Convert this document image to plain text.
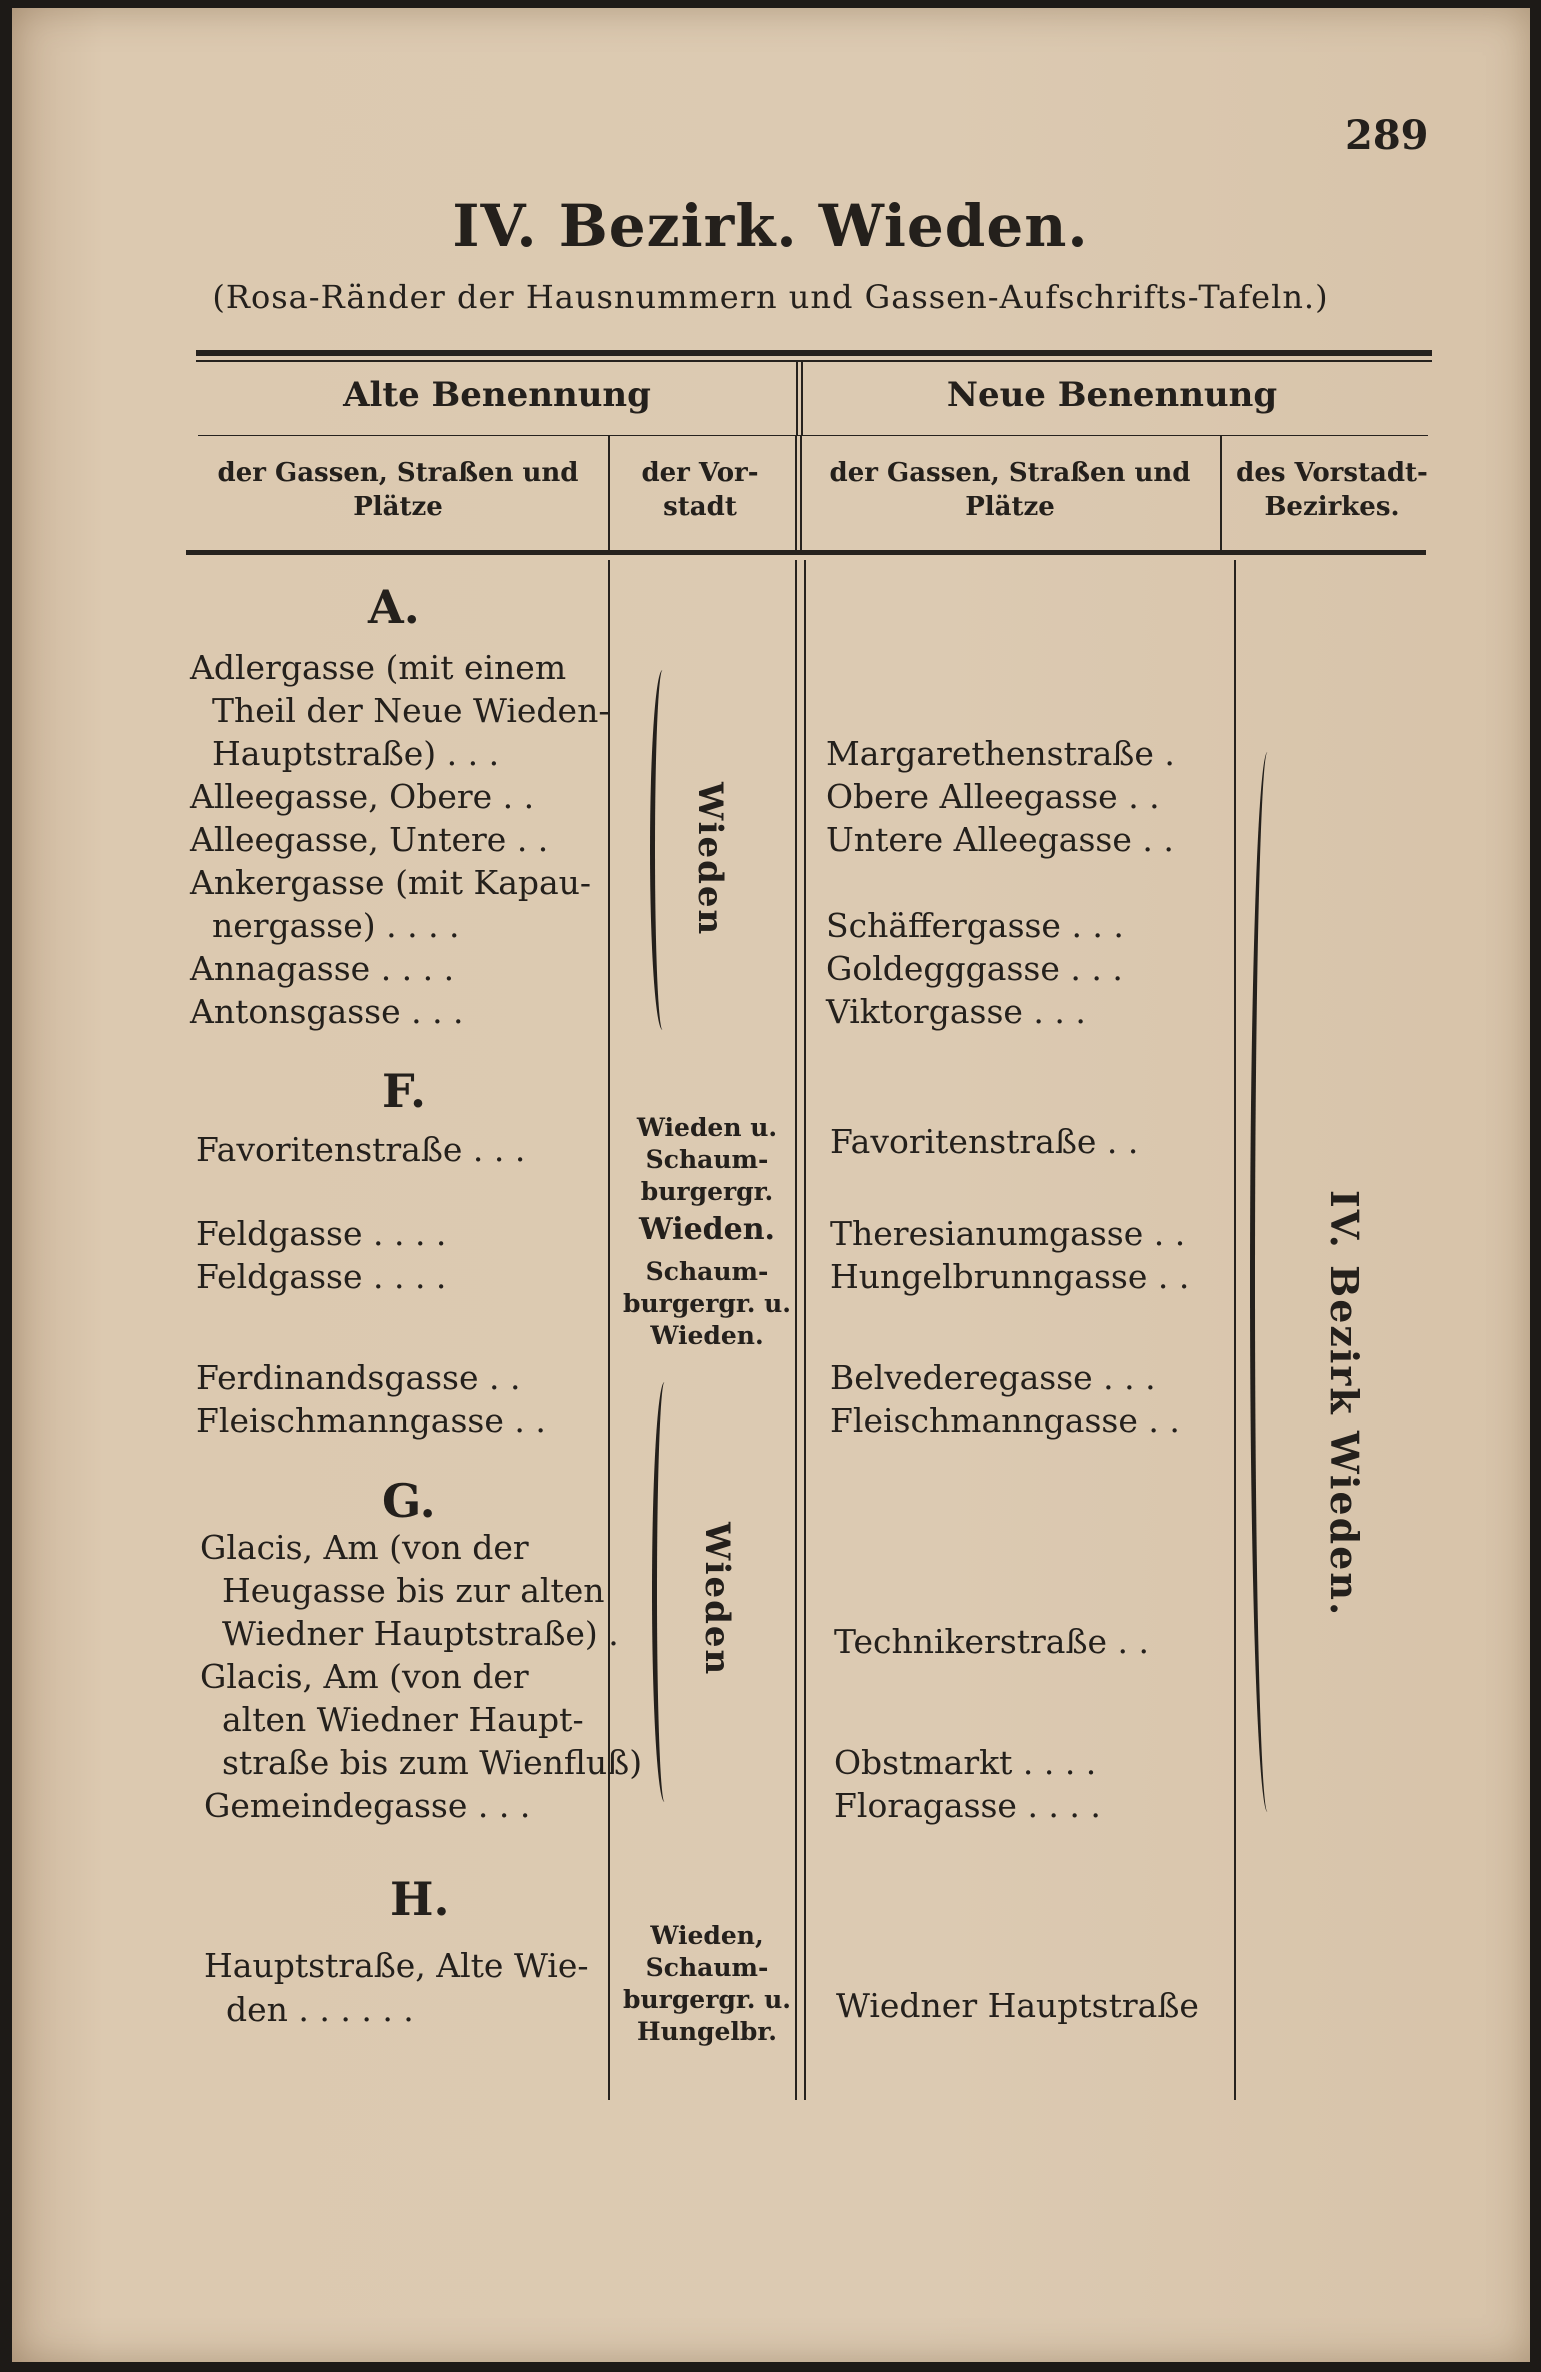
289
IV. Bezirk. Wieden.
(Rosa-Ränder der Hausnummern und Gassen-Aufschrifts-Tafeln.)
Alte Benennung	Neue Benennung
der Gassen, Straßen und Plätze
der Vor-stadt
der Gassen, Straßen und Plätze
des Vorstadt-Bezirkes.
A.
F.
G.
H.
Adlergasse (mit einem
Theil der Neue Wieden-
Hauptstraße) . . .
Alleegasse, Obere . .
Alleegasse, Untere . .
Ankergasse (mit Kapau-
nergasse) . . . .
Annagasse . . . .
Antonsgasse . . .
Favoritenstraße . . .
Feldgasse . . . .
Feldgasse . . . .
Ferdinandsgasse . .
Fleischmanngasse . .
Glacis, Am (von der
Heugasse bis zur alten
Wiedner Hauptstraße) .
Glacis, Am (von der
alten Wiedner Haupt-
straße bis zum Wienfluß)
Gemeindegasse . . .
Hauptstraße, Alte Wie-
den . . . . . .
Wieden
Wieden u. Schaum-burgergr.
Wieden.
Schaum-burgergr. u. Wieden.
Wieden
Wieden, Schaum-burgergr. u. Hungelbr.
Margarethenstraße .
Obere Alleegasse . .
Untere Alleegasse . .
Schäffergasse . . .
Goldegggasse . . .
Viktorgasse . . .
Favoritenstraße . .
Theresianumgasse . .
Hungelbrunngasse . .
Belvederegasse . . .
Fleischmanngasse . .
Technikerstraße . .
Obstmarkt . . . .
Floragasse . . . .
Wiedner Hauptstraße
IV. Bezirk Wieden.
